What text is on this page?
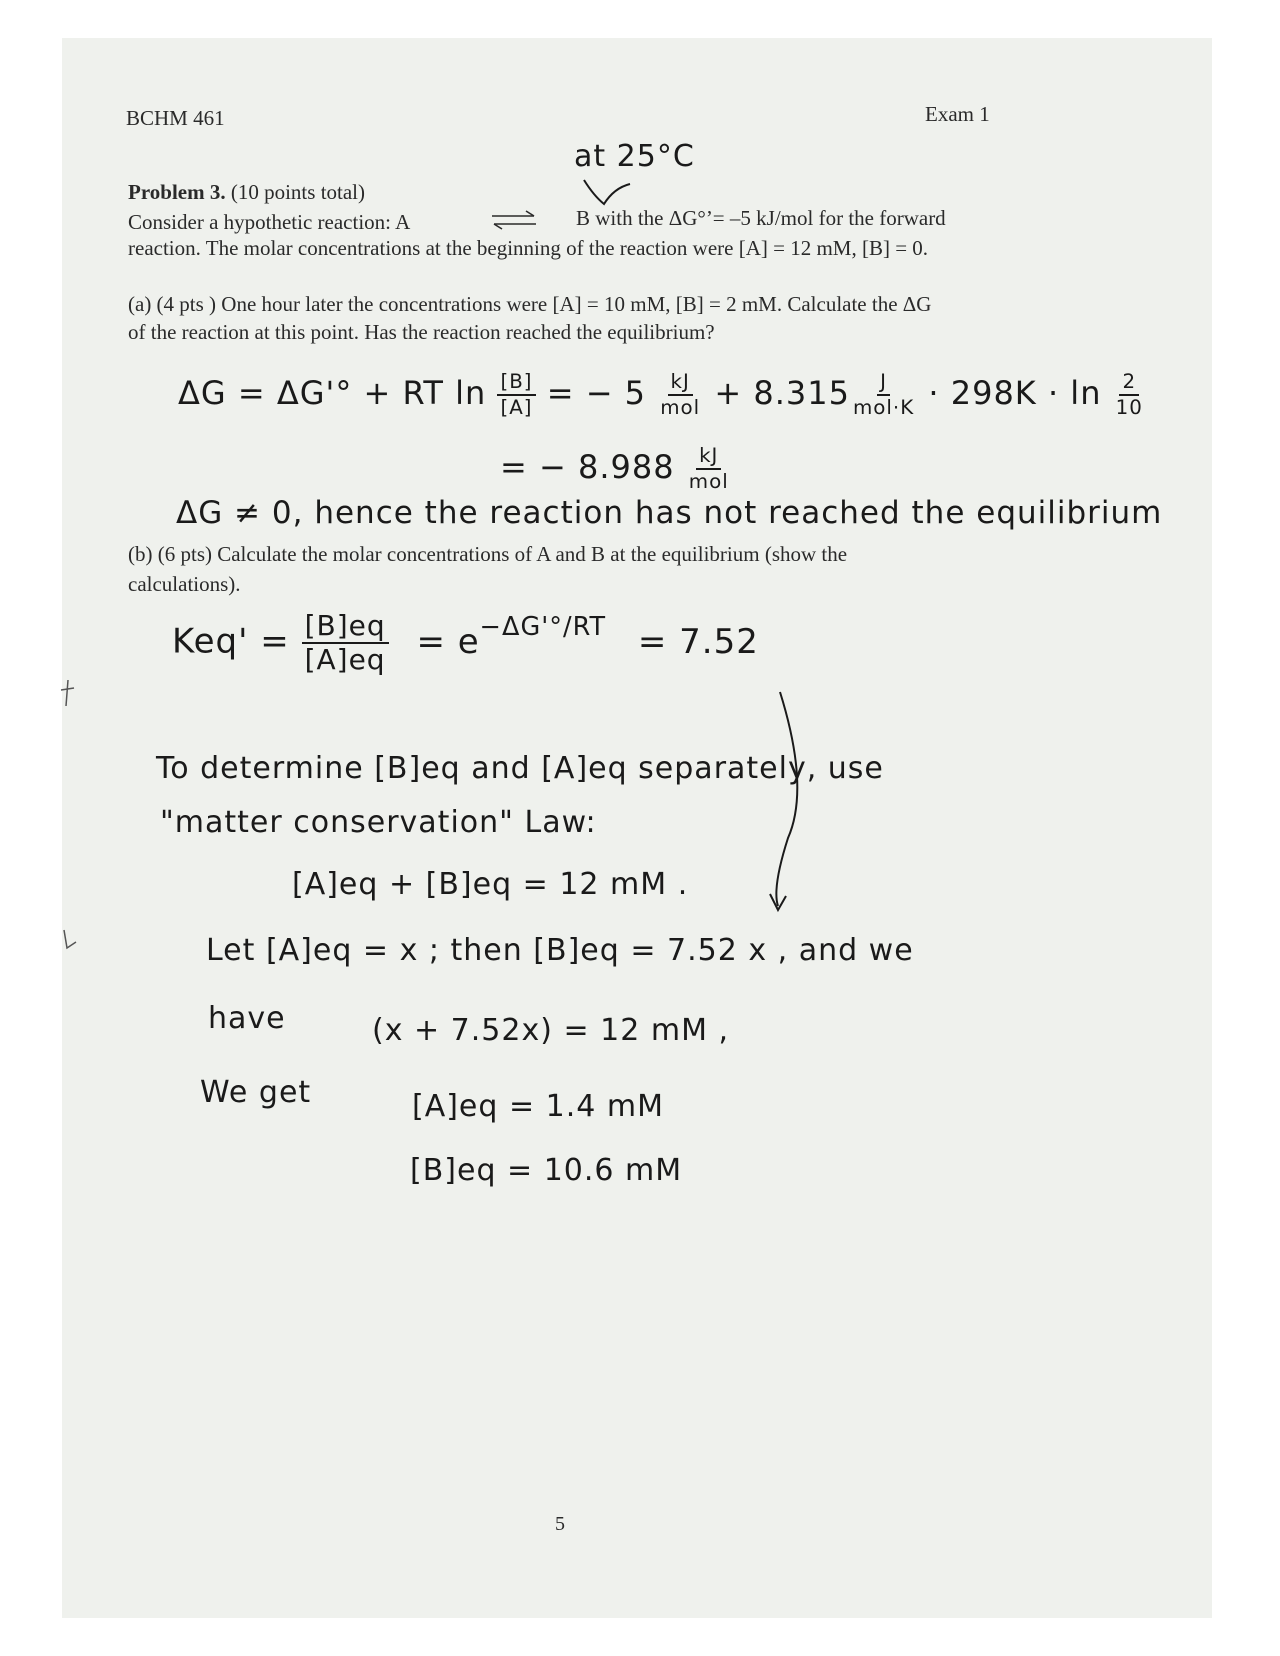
BCHM 461	Exam 1
at 25°C
Problem 3. (10 points total)
Consider a hypothetic reaction: A	B with the ΔG°’= –5 kJ/mol for the forward
reaction. The molar concentrations at the beginning of the reaction were [A] = 12 mM, [B] = 0.
(a) (4 pts ) One hour later the concentrations were [A] = 10 mM, [B] = 2 mM. Calculate the ΔG
of the reaction at this point. Has the reaction reached the equilibrium?
ΔG = ΔG'° + RT $\ln \frac{[B]}{[A]}$ = − $5 \frac{kJ}{\text{mol}} + 8.315 \frac{J}{\text{mol·K}} \cdot 298K \cdot \ln \frac{2}{10}$
= − $8.988 \frac{kJ}{\text{mol}}$
ΔG ≠ 0, hence the reaction has not reached the equilibrium
(b) (6 pts) Calculate the molar concentrations of A and B at the equilibrium (show the
calculations).
$Keq' = \frac{[B]eq}{[A]eq} = e^{-\Delta G'^\circ/RT} = 7.52$
To determine [B]eq and [A]eq separately, use
"matter conservation" Law:
[A]eq + [B]eq = 12 mM .
Let [A]eq = x ; then [B]eq = 7.52 x , and we
have	(x + 7.52x) = 12 mM ,
We get	[A]eq = 1.4 mM
[B]eq = 10.6 mM
5
